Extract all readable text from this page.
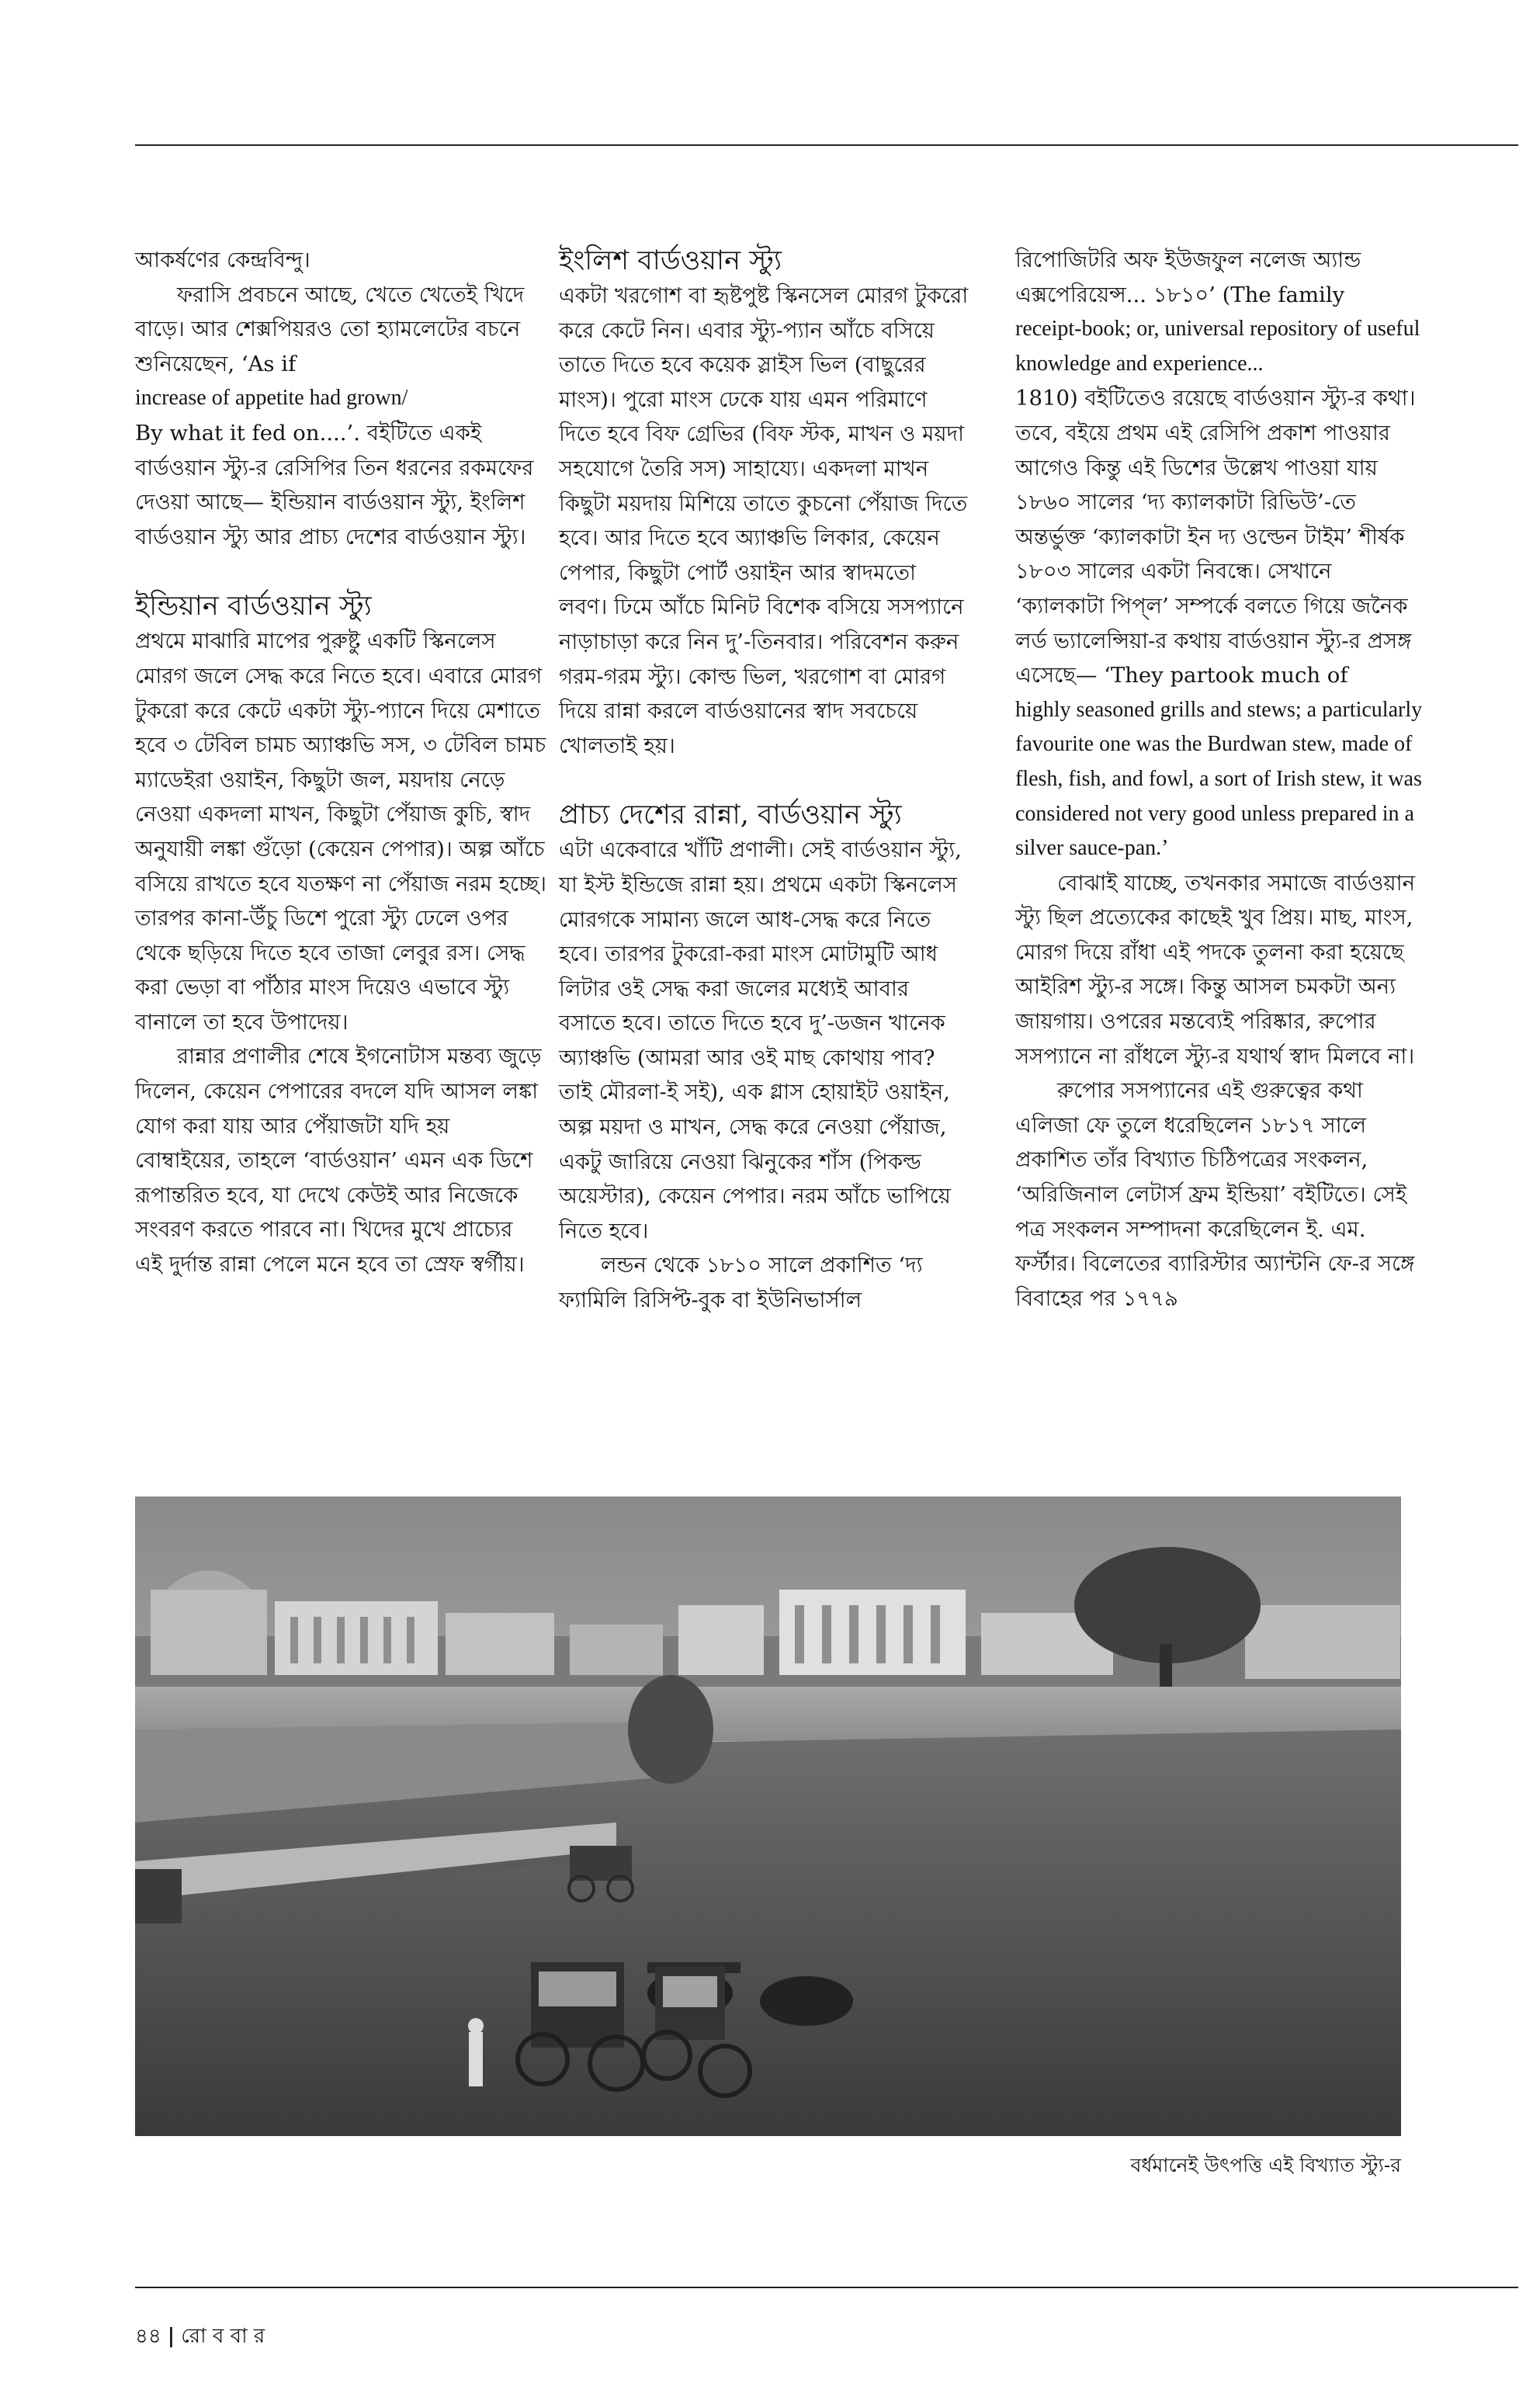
আকর্ষণের কেন্দ্রবিন্দু।

ফরাসি প্রবচনে আছে, খেতে খেতেই খিদে বাড়ে। আর শেক্সপিয়রও তো হ্যামলেটের বচনে শুনিয়েছেন, ‘As if

increase of appetite had grown/

By what it fed on....’. বইটিতে একই বার্ডওয়ান স্ট্যু-র রেসিপির তিন ধরনের রকমফের দেওয়া আছে— ইন্ডিয়ান বার্ডওয়ান স্ট্যু, ইংলিশ বার্ডওয়ান স্ট্যু আর প্রাচ্য দেশের বার্ডওয়ান স্ট্যু।

ইন্ডিয়ান বার্ডওয়ান স্ট্যু

প্রথমে মাঝারি মাপের পুরুষ্টু একটি স্কিনলেস মোরগ জলে সেদ্ধ করে নিতে হবে। এবারে মোরগ টুকরো করে কেটে একটা স্ট্যু-প্যানে দিয়ে মেশাতে হবে ৩ টেবিল চামচ অ্যাঞ্চভি সস, ৩ টেবিল চামচ ম্যাডেইরা ওয়াইন, কিছুটা জল, ময়দায় নেড়ে নেওয়া একদলা মাখন, কিছুটা পেঁয়াজ কুচি, স্বাদ অনুযায়ী লঙ্কা গুঁড়ো (কেয়েন পেপার)। অল্প আঁচে বসিয়ে রাখতে হবে যতক্ষণ না পেঁয়াজ নরম হচ্ছে। তারপর কানা-উঁচু ডিশে পুরো স্ট্যু ঢেলে ওপর থেকে ছড়িয়ে দিতে হবে তাজা লেবুর রস। সেদ্ধ করা ভেড়া বা পাঁঠার মাংস দিয়েও এভাবে স্ট্যু বানালে তা হবে উপাদেয়।

রান্নার প্রণালীর শেষে ইগনোটাস মন্তব্য জুড়ে দিলেন, কেয়েন পেপারের বদলে যদি আসল লঙ্কা যোগ করা যায় আর পেঁয়াজটা যদি হয় বোম্বাইয়ের, তাহলে ‘বার্ডওয়ান’ এমন এক ডিশে রূপান্তরিত হবে, যা দেখে কেউই আর নিজেকে সংবরণ করতে পারবে না। খিদের মুখে প্রাচ্যের এই দুর্দান্ত রান্না পেলে মনে হবে তা স্রেফ স্বর্গীয়।

ইংলিশ বার্ডওয়ান স্ট্যু

একটা খরগোশ বা হৃষ্টপুষ্ট স্কিনসেল মোরগ টুকরো করে কেটে নিন। এবার স্ট্যু-প্যান আঁচে বসিয়ে তাতে দিতে হবে কয়েক স্লাইস ভিল (বাছুরের মাংস)। পুরো মাংস ঢেকে যায় এমন পরিমাণে দিতে হবে বিফ গ্রেভির (বিফ স্টক, মাখন ও ময়দা সহযোগে তৈরি সস) সাহায্যে। একদলা মাখন কিছুটা ময়দায় মিশিয়ে তাতে কুচনো পেঁয়াজ দিতে হবে। আর দিতে হবে অ্যাঞ্চভি লিকার, কেয়েন পেপার, কিছুটা পোর্ট ওয়াইন আর স্বাদমতো লবণ। ঢিমে আঁচে মিনিট বিশেক বসিয়ে সসপ্যানে নাড়াচাড়া করে নিন দু’-তিনবার। পরিবেশন করুন গরম-গরম স্ট্যু। কোল্ড ভিল, খরগোশ বা মোরগ দিয়ে রান্না করলে বার্ডওয়ানের স্বাদ সবচেয়ে খোলতাই হয়।

প্রাচ্য দেশের রান্না, বার্ডওয়ান স্ট্যু

এটা একেবারে খাঁটি প্রণালী। সেই বার্ডওয়ান স্ট্যু, যা ইস্ট ইন্ডিজে রান্না হয়। প্রথমে একটা স্কিনলেস মোরগকে সামান্য জলে আধ-সেদ্ধ করে নিতে হবে। তারপর টুকরো-করা মাংস মোটামুটি আধ লিটার ওই সেদ্ধ করা জলের মধ্যেই আবার বসাতে হবে। তাতে দিতে হবে দু’-ডজন খানেক অ্যাঞ্চভি (আমরা আর ওই মাছ কোথায় পাব? তাই মৌরলা-ই সই), এক গ্লাস হোয়াইট ওয়াইন, অল্প ময়দা ও মাখন, সেদ্ধ করে নেওয়া পেঁয়াজ, একটু জারিয়ে নেওয়া ঝিনুকের শাঁস (পিকল্ড অয়েস্টার), কেয়েন পেপার। নরম আঁচে ভাপিয়ে নিতে হবে।

লন্ডন থেকে ১৮১০ সালে প্রকাশিত ‘দ্য ফ্যামিলি রিসিপ্ট-বুক বা ইউনিভার্সাল

রিপোজিটরি অফ ইউজফুল নলেজ অ্যান্ড এক্সপেরিয়েন্স... ১৮১০’ (The family

receipt-book; or, universal repository of useful knowledge and experience...

1810) বইটিতেও রয়েছে বার্ডওয়ান স্ট্যু-র কথা। তবে, বইয়ে প্রথম এই রেসিপি প্রকাশ পাওয়ার আগেও কিন্তু এই ডিশের উল্লেখ পাওয়া যায় ১৮৬০ সালের ‘দ্য ক্যালকাটা রিভিউ’-তে অন্তর্ভুক্ত ‘ক্যালকাটা ইন দ্য ওল্ডেন টাইম’ শীর্ষক ১৮০৩ সালের একটা নিবন্ধে। সেখানে ‘ক্যালকাটা পিপ্‌ল’ সম্পর্কে বলতে গিয়ে জনৈক লর্ড ভ্যালেন্সিয়া-র কথায় বার্ডওয়ান স্ট্যু-র প্রসঙ্গ এসেছে— ‘They partook much of

highly seasoned grills and stews; a particularly favourite one was the Burdwan stew, made of flesh, fish, and fowl, a sort of Irish stew, it was considered not very good unless prepared in a silver sauce-pan.’

বোঝাই যাচ্ছে, তখনকার সমাজে বার্ডওয়ান স্ট্যু ছিল প্রত্যেকের কাছেই খুব প্রিয়। মাছ, মাংস, মোরগ দিয়ে রাঁধা এই পদকে তুলনা করা হয়েছে আইরিশ স্ট্যু-র সঙ্গে। কিন্তু আসল চমকটা অন্য জায়গায়। ওপরের মন্তব্যেই পরিষ্কার, রুপোর সসপ্যানে না রাঁধলে স্ট্যু-র যথার্থ স্বাদ মিলবে না।

রুপোর সসপ্যানের এই গুরুত্বের কথা এলিজা ফে তুলে ধরেছিলেন ১৮১৭ সালে প্রকাশিত তাঁর বিখ্যাত চিঠিপত্রের সংকলন, ‘অরিজিনাল লেটার্স ফ্রম ইন্ডিয়া’ বইটিতে। সেই পত্র সংকলন সম্পাদনা করেছিলেন ই. এম. ফর্স্টার। বিলেতের ব্যারিস্টার অ্যান্টনি ফে-র সঙ্গে বিবাহের পর ১৭৭৯

বর্ধমানেই উৎপত্তি এই বিখ্যাত স্ট্যু-র
৪৪ | রো ব বা র
